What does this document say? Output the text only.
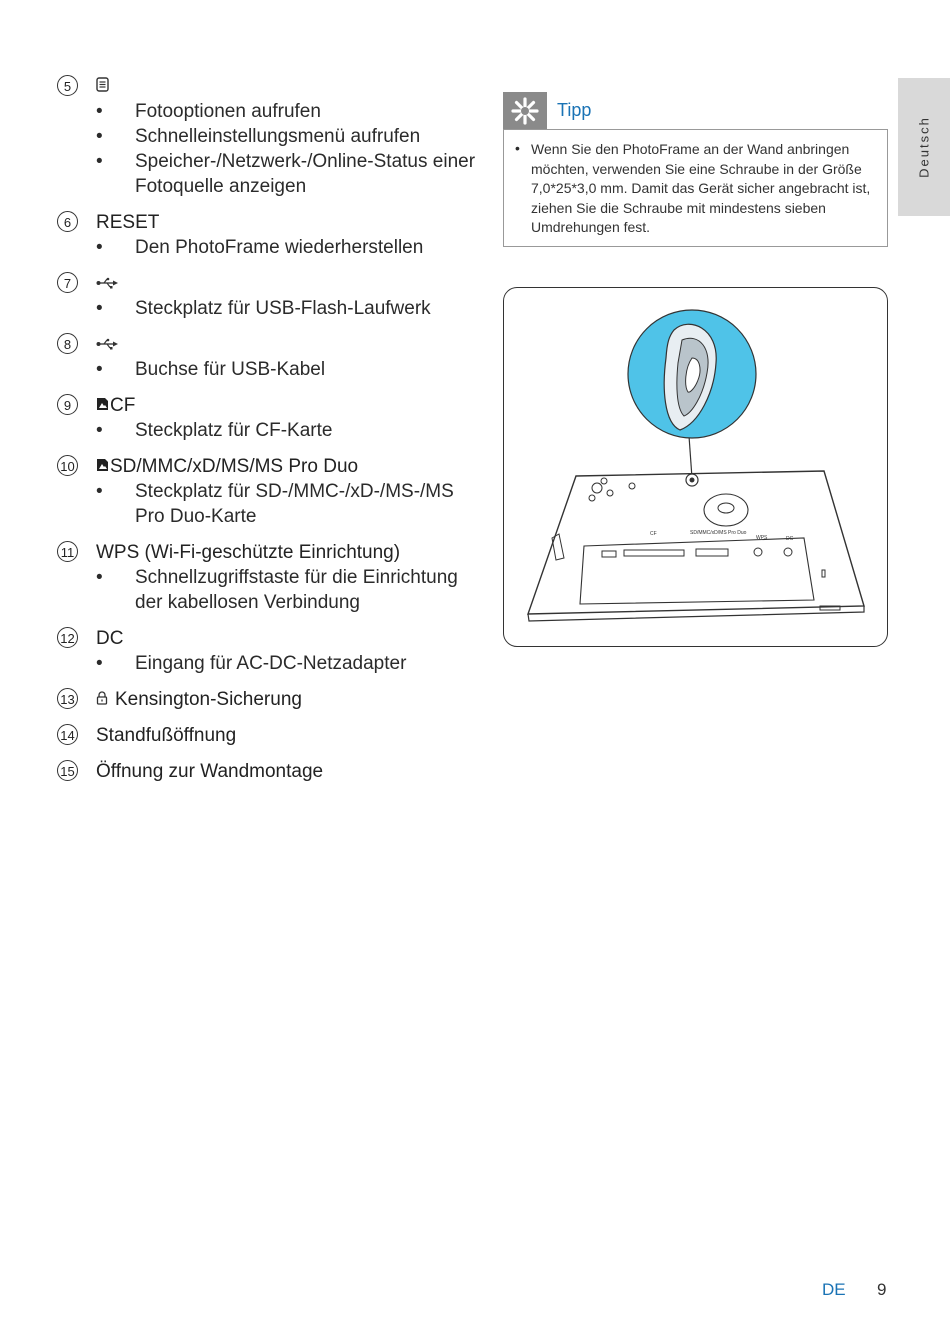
Deutsch
5
• Fotooptionen aufrufen
• Schnelleinstellungsmenü aufrufen
• Speicher-/Netzwerk-/Online-Status einer Fotoquelle anzeigen
6	RESET
• Den PhotoFrame wiederherstellen
7
• Steckplatz für USB-Flash-Laufwerk
8
• Buchse für USB-Kabel
9	CF
• Steckplatz für CF-Karte
10 SD/MMC/xD/MS/MS Pro Duo
• Steckplatz für SD-/MMC-/xD-/MS-/MS Pro Duo-Karte
11 WPS (Wi-Fi-geschützte Einrichtung)
• Schnellzugriffstaste für die Einrichtung der kabellosen Verbindung
12 DC
• Eingang für AC-DC-Netzadapter
13 Kensington-Sicherung
14 Standfußöffnung
15 Öffnung zur Wandmontage
Tipp
• Wenn Sie den PhotoFrame an der Wand anbringen möchten, verwenden Sie eine Schraube in der Größe 7,0*25*3,0 mm. Damit das Gerät sicher angebracht ist, ziehen Sie die Schraube mit mindestens sieben Umdrehungen fest.

SD/MMC/xD/MS Pro Duo
CF
WPS	DC
DE 9
